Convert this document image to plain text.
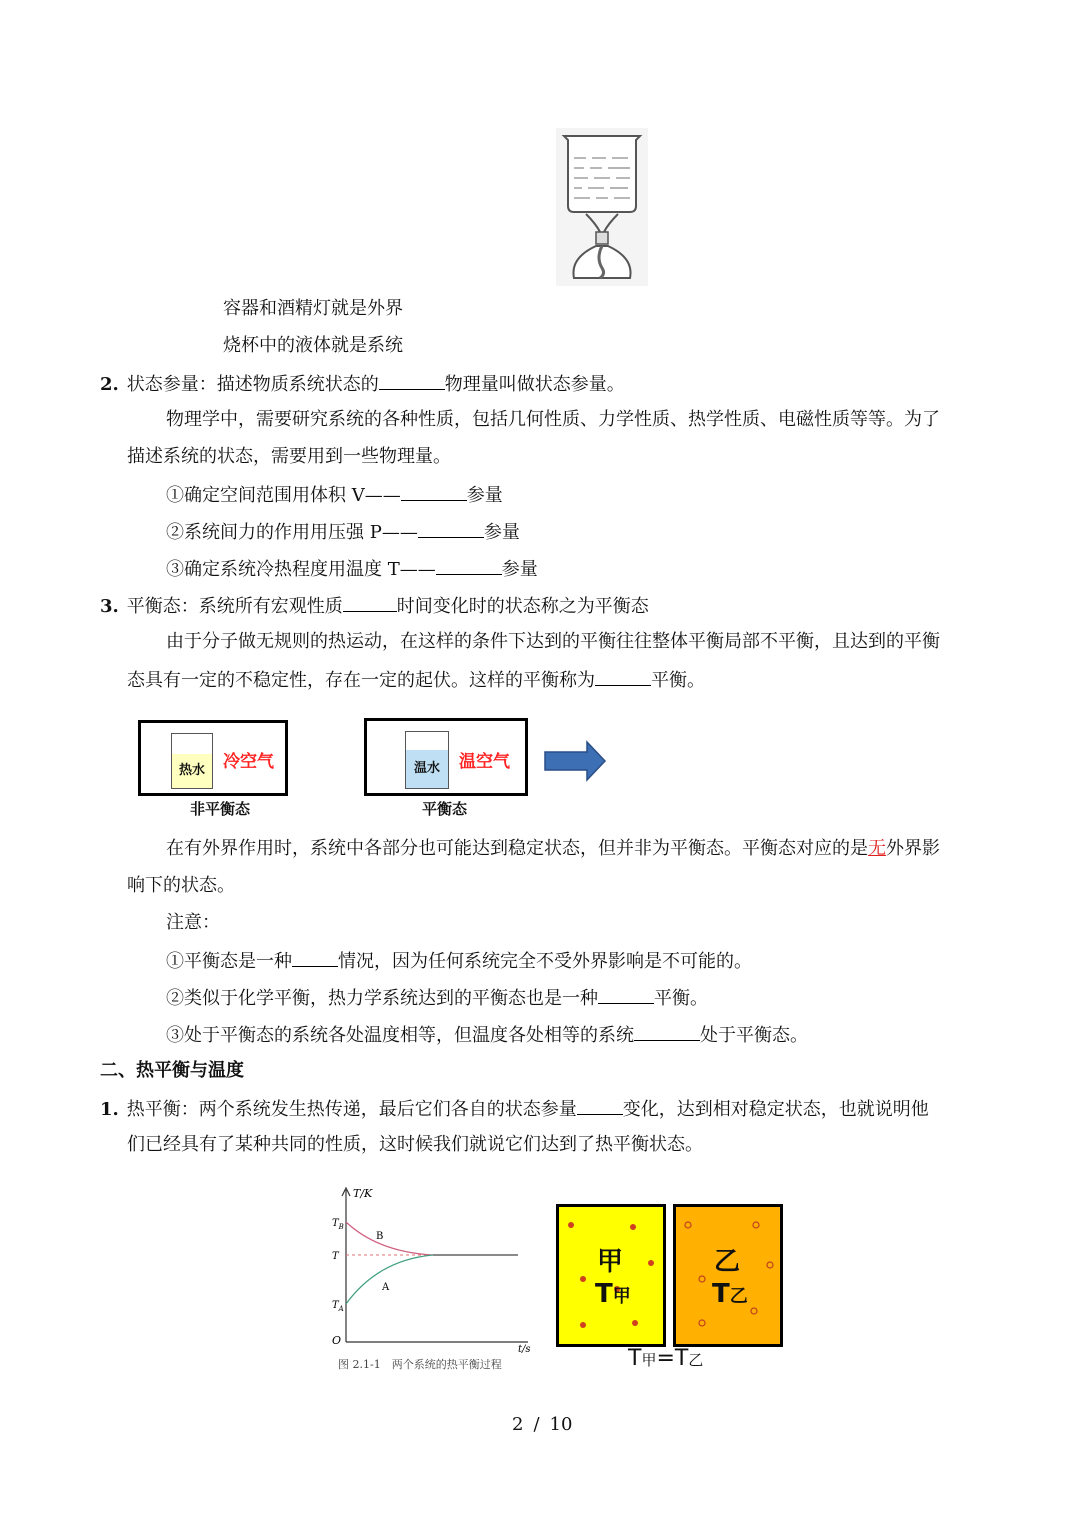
容器和酒精灯就是外界
烧杯中的液体就是系统
2. 状态参量：描述物质系统状态的	物理量叫做状态参量。
物理学中，需要研究系统的各种性质，包括几何性质、力学性质、热学性质、电磁性质等等。为了
描述系统的状态，需要用到一些物理量。
①确定空间范围用体积 V——	参量
②系统间力的作用用压强 P——	参量
③确定系统冷热程度用温度 T——	参量
3. 平衡态：系统所有宏观性质	时间变化时的状态称之为平衡态
由于分子做无规则的热运动，在这样的条件下达到的平衡往往整体平衡局部不平衡，且达到的平衡
态具有一定的不稳定性，存在一定的起伏。这样的平衡称为	平衡。
热水	冷空气
非平衡态
温水	温空气
平衡态
在有外界作用时，系统中各部分也可能达到稳定状态，但并非为平衡态。平衡态对应的是无外界影
响下的状态。
注意：
①平衡态是一种	情况，因为任何系统完全不受外界影响是不可能的。
②类似于化学平衡，热力学系统达到的平衡态也是一种	平衡。
③处于平衡态的系统各处温度相等，但温度各处相等的系统	处于平衡态。
二、热平衡与温度
1. 热平衡：两个系统发生热传递，最后它们各自的状态参量	变化，达到相对稳定状态，也就说明他
们已经具有了某种共同的性质，这时候我们就说它们达到了热平衡状态。
T/K
t/s
O
$T_B$
T
$T_A$
B
A
图 2.1-1　两个系统的热平衡过程
甲
T甲
乙
T乙
T甲=T乙
2 / 10
